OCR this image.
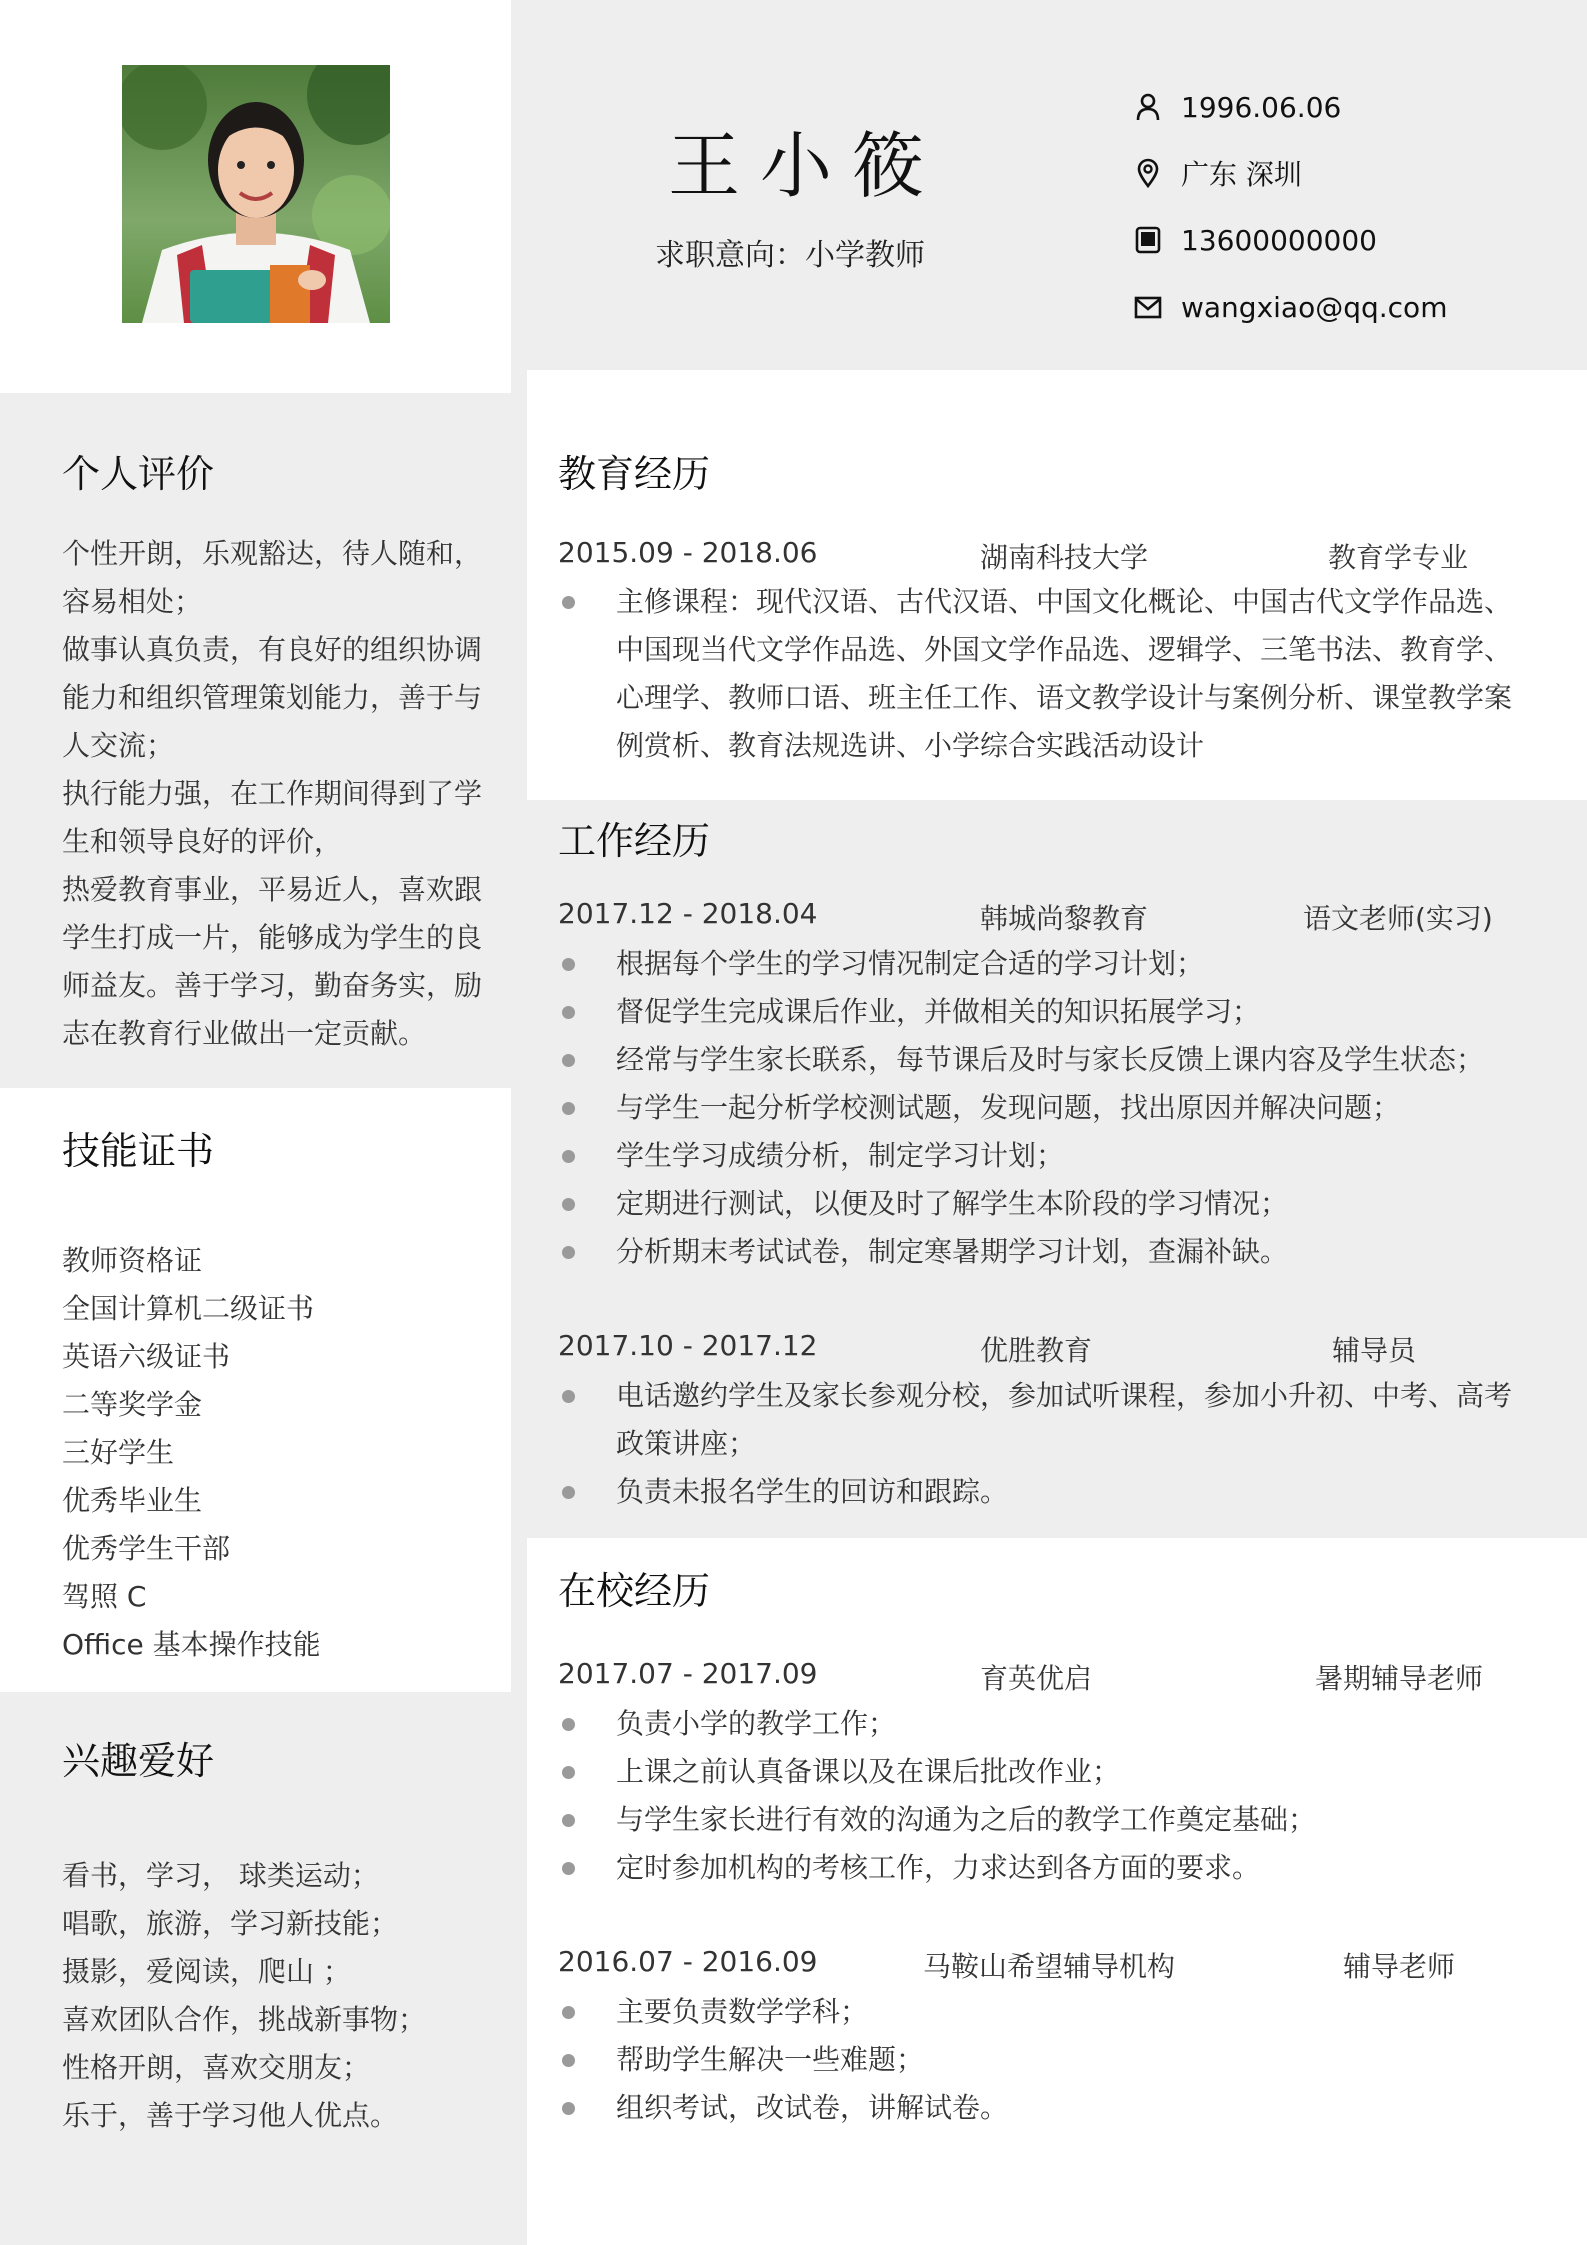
王小筱
求职意向：小学教师
1996.06.06
广东 深圳
13600000000
wangxiao@qq.com
个人评价
个性开朗，乐观豁达，待人随和，容易相处；
做事认真负责，有良好的组织协调能力和组织管理策划能力，善于与人交流；
执行能力强，在工作期间得到了学生和领导良好的评价，
热爱教育事业，平易近人，喜欢跟学生打成一片，能够成为学生的良师益友。善于学习，勤奋务实，励志在教育行业做出一定贡献。
技能证书
教师资格证
全国计算机二级证书
英语六级证书
二等奖学金
三好学生
优秀毕业生
优秀学生干部
驾照 C
Office 基本操作技能
兴趣爱好
看书，学习， 球类运动；
唱歌，旅游，学习新技能；
摄影，爱阅读，爬山 ；
喜欢团队合作，挑战新事物；
性格开朗，喜欢交朋友；
乐于，善于学习他人优点。
教育经历
2015.09 - 2018.06	湖南科技大学	教育学专业
主修课程：现代汉语、古代汉语、中国文化概论、中国古代文学作品选、中国现当代文学作品选、外国文学作品选、逻辑学、三笔书法、教育学、心理学、教师口语、班主任工作、语文教学设计与案例分析、课堂教学案例赏析、教育法规选讲、小学综合实践活动设计
工作经历
2017.12 - 2018.04	韩城尚黎教育	语文老师(实习)
根据每个学生的学习情况制定合适的学习计划；
督促学生完成课后作业，并做相关的知识拓展学习；
经常与学生家长联系，每节课后及时与家长反馈上课内容及学生状态；
与学生一起分析学校测试题，发现问题，找出原因并解决问题；
学生学习成绩分析，制定学习计划；
定期进行测试，以便及时了解学生本阶段的学习情况；
分析期末考试试卷，制定寒暑期学习计划，查漏补缺。
2017.10 - 2017.12	优胜教育	辅导员
电话邀约学生及家长参观分校，参加试听课程，参加小升初、中考、高考政策讲座；
负责未报名学生的回访和跟踪。
在校经历
2017.07 - 2017.09	育英优启	暑期辅导老师
负责小学的教学工作；
上课之前认真备课以及在课后批改作业；
与学生家长进行有效的沟通为之后的教学工作奠定基础；
定时参加机构的考核工作，力求达到各方面的要求。
2016.07 - 2016.09	马鞍山希望辅导机构	辅导老师
主要负责数学学科；
帮助学生解决一些难题；
组织考试，改试卷，讲解试卷。
